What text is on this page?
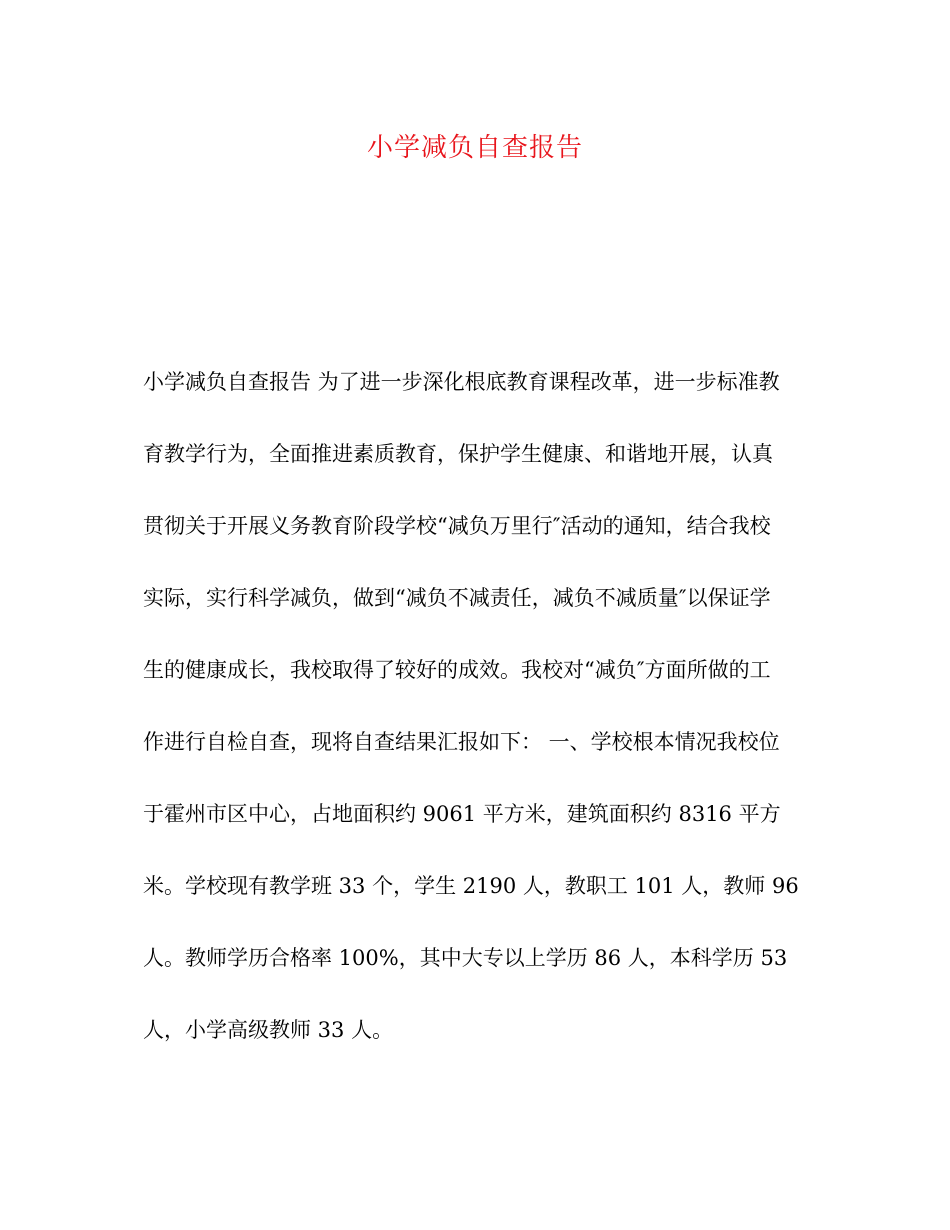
小学减负自查报告
小学减负自查报告 为了进一步深化根底教育课程改革，进一步标准教
育教学行为，全面推进素质教育，保护学生健康、和谐地开展，认真
贯彻关于开展义务教育阶段学校“减负万里行″活动的通知，结合我校
实际，实行科学减负，做到“减负不减责任，减负不减质量″以保证学
生的健康成长，我校取得了较好的成效。我校对“减负″方面所做的工
作进行自检自查，现将自查结果汇报如下： 一、学校根本情况我校位
于霍州市区中心，占地面积约 9061 平方米，建筑面积约 8316 平方
米。学校现有教学班 33 个，学生 2190 人，教职工 101 人，教师 96
人。教师学历合格率 100%，其中大专以上学历 86 人，本科学历 53
人，小学高级教师 33 人。
